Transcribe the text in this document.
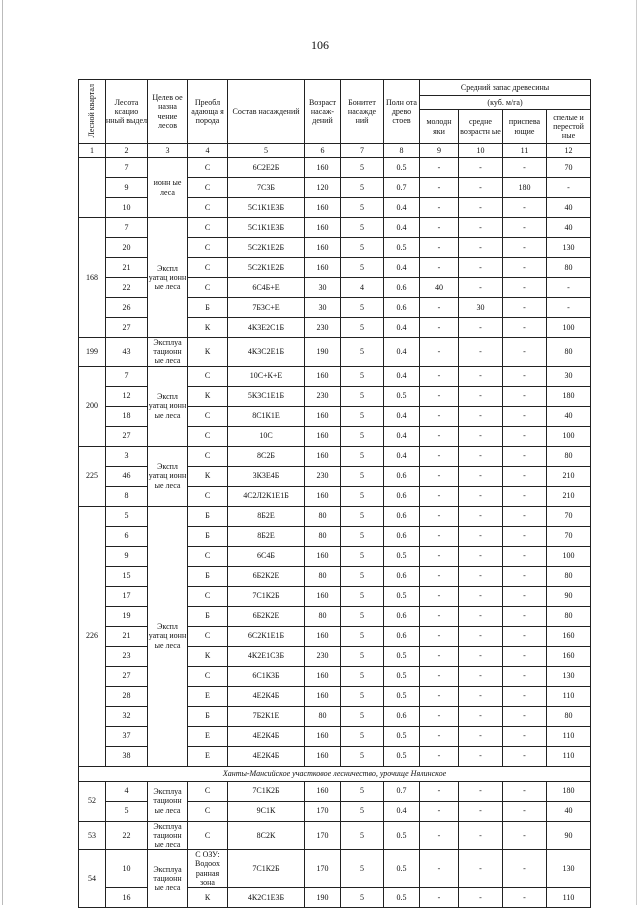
106
Лесной квартал	Лесота ксацио нный выдел	Целев ое назна чение лесов	Преобл адающа я порода	Состав насаждений	Возраст насаж- дений	Бонитет насажде ний	Полн ота древо стоев	Средний запас древесины			
								(куб. м/га)			
								молодн яки	средне возрастн ые	приспева ющие	спелые и перестой ные
1	2	3	4	5	6	7	8	9	10	11	12
	7	ионн ые леса	С	6С2Е2Б	160	5	0.5	-	-	-	70
	9		С	7С3Б	120	5	0.7	-	-	180	-
	10		С	5С1К1Е3Б	160	5	0.4	-	-	-	40
168	7	Экспл уатац ионн ые леса	С	5С1К1Е3Б	160	5	0.4	-	-	-	40
	20		С	5С2К1Е2Б	160	5	0.5	-	-	-	130
	21		С	5С2К1Е2Б	160	5	0.4	-	-	-	80
	22		С	6С4Б+Е	30	4	0.6	40	-	-	-
	26		Б	7Б3С+Е	30	5	0.6	-	30	-	-
	27		К	4К3Е2С1Б	230	5	0.4	-	-	-	100
199	43	Эксплуа тационн ые леса	К	4К3С2Е1Б	190	5	0.4	-	-	-	80
200	7	Экспл уатац ионн ые леса	С	10С+К+Е	160	5	0.4	-	-	-	30
	12		К	5К3С1Е1Б	230	5	0.5	-	-	-	180
	18		С	8С1К1Е	160	5	0.4	-	-	-	40
	27		С	10С	160	5	0.4	-	-	-	100
225	3	Экспл уатац ионн ые леса	С	8С2Б	160	5	0.4	-	-	-	80
	46		К	3К3Е4Б	230	5	0.6	-	-	-	210
	8		С	4С2Л2К1Е1Б	160	5	0.6	-	-	-	210
226	5	Экспл уатац ионн ые леса	Б	8Б2Е	80	5	0.6	-	-	-	70
	6		Б	8Б2Е	80	5	0.6	-	-	-	70
	9		С	6С4Б	160	5	0.5	-	-	-	100
	15		Б	6Б2К2Е	80	5	0.6	-	-	-	80
	17		С	7С1К2Б	160	5	0.5	-	-	-	90
	19		Б	6Б2К2Е	80	5	0.6	-	-	-	80
	21		С	6С2К1Е1Б	160	5	0.6	-	-	-	160
	23		К	4К2Е1С3Б	230	5	0.5	-	-	-	160
	27		С	6С1К3Б	160	5	0.5	-	-	-	130
	28		Е	4Е2К4Б	160	5	0.5	-	-	-	110
	32		Б	7Б2К1Е	80	5	0.6	-	-	-	80
	37		Е	4Е2К4Б	160	5	0.5	-	-	-	110
	38		Е	4Е2К4Б	160	5	0.5	-	-	-	110
Ханты-Мансийское участковое лесничество, урочище Нялинское											
52	4	Эксплуа тационн ые леса	С	7С1К2Б	160	5	0.7	-	-	-	180
	5		С	9С1К	170	5	0.4	-	-	-	40
53	22	Эксплуа тационн ые леса	С	8С2К	170	5	0.5	-	-	-	90
54	10	Эксплуа тационн ые леса	С ОЗУ: Водоох ранная зона	7С1К2Б	170	5	0.5	-	-	-	130
	16		К	4К2С1Е3Б	190	5	0.5	-	-	-	110
